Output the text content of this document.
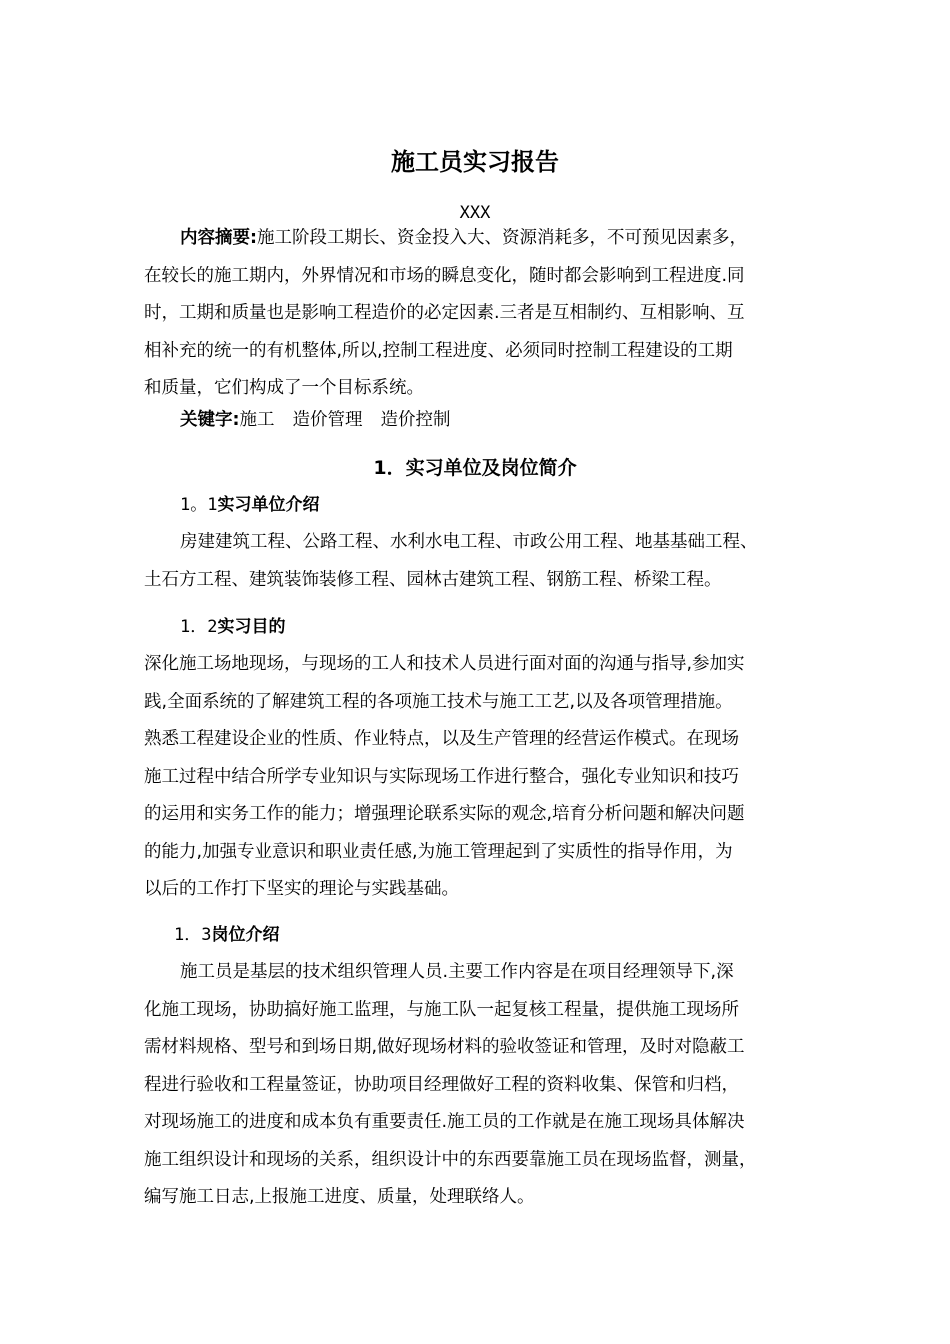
施工员实习报告
XXX
内容摘要:施工阶段工期长、资金投入大、资源消耗多，不可预见因素多，
在较长的施工期内，外界情况和市场的瞬息变化，随时都会影响到工程进度.同
时，工期和质量也是影响工程造价的必定因素.三者是互相制约、互相影响、互
相补充的统一的有机整体,所以,控制工程进度、必须同时控制工程建设的工期
和质量，它们构成了一个目标系统。
关键字:施工 造价管理 造价控制
1．实习单位及岗位简介
1。1实习单位介绍
房建建筑工程、公路工程、水利水电工程、市政公用工程、地基基础工程、
土石方工程、建筑装饰装修工程、园林古建筑工程、钢筋工程、桥梁工程。
1．2实习目的
深化施工场地现场，与现场的工人和技术人员进行面对面的沟通与指导,参加实
践,全面系统的了解建筑工程的各项施工技术与施工工艺,以及各项管理措施。
熟悉工程建设企业的性质、作业特点，以及生产管理的经营运作模式。在现场
施工过程中结合所学专业知识与实际现场工作进行整合，强化专业知识和技巧
的运用和实务工作的能力；增强理论联系实际的观念,培育分析问题和解决问题
的能力,加强专业意识和职业责任感,为施工管理起到了实质性的指导作用，为
以后的工作打下坚实的理论与实践基础。
1．3岗位介绍
施工员是基层的技术组织管理人员.主要工作内容是在项目经理领导下,深
化施工现场，协助搞好施工监理，与施工队一起复核工程量，提供施工现场所
需材料规格、型号和到场日期,做好现场材料的验收签证和管理，及时对隐蔽工
程进行验收和工程量签证，协助项目经理做好工程的资料收集、保管和归档，
对现场施工的进度和成本负有重要责任.施工员的工作就是在施工现场具体解决
施工组织设计和现场的关系，组织设计中的东西要靠施工员在现场监督，测量，
编写施工日志,上报施工进度、质量，处理联络人。
